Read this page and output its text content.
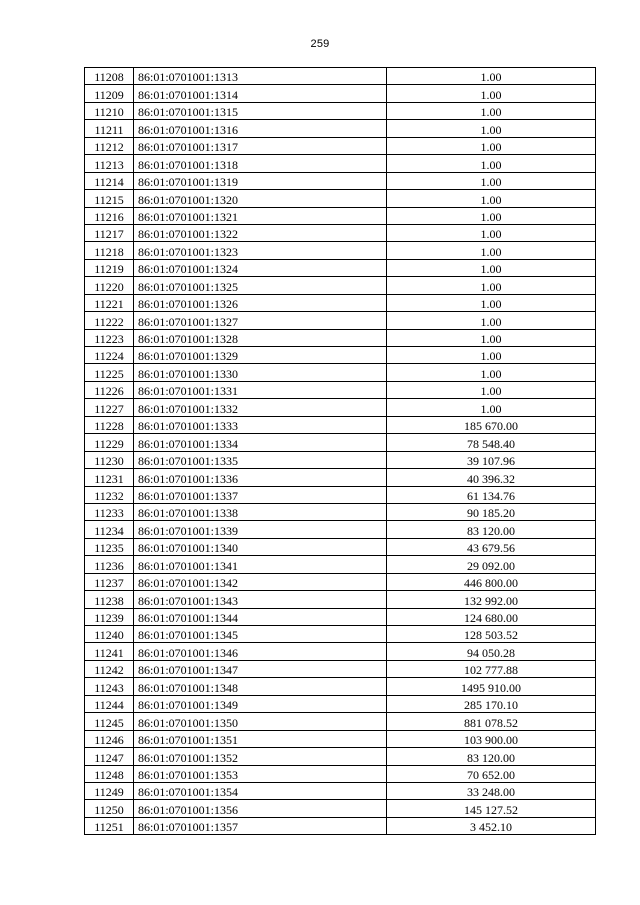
259
11208	86:01:0701001:1313	1.00
11209	86:01:0701001:1314	1.00
11210	86:01:0701001:1315	1.00
11211	86:01:0701001:1316	1.00
11212	86:01:0701001:1317	1.00
11213	86:01:0701001:1318	1.00
11214	86:01:0701001:1319	1.00
11215	86:01:0701001:1320	1.00
11216	86:01:0701001:1321	1.00
11217	86:01:0701001:1322	1.00
11218	86:01:0701001:1323	1.00
11219	86:01:0701001:1324	1.00
11220	86:01:0701001:1325	1.00
11221	86:01:0701001:1326	1.00
11222	86:01:0701001:1327	1.00
11223	86:01:0701001:1328	1.00
11224	86:01:0701001:1329	1.00
11225	86:01:0701001:1330	1.00
11226	86:01:0701001:1331	1.00
11227	86:01:0701001:1332	1.00
11228	86:01:0701001:1333	185 670.00
11229	86:01:0701001:1334	78 548.40
11230	86:01:0701001:1335	39 107.96
11231	86:01:0701001:1336	40 396.32
11232	86:01:0701001:1337	61 134.76
11233	86:01:0701001:1338	90 185.20
11234	86:01:0701001:1339	83 120.00
11235	86:01:0701001:1340	43 679.56
11236	86:01:0701001:1341	29 092.00
11237	86:01:0701001:1342	446 800.00
11238	86:01:0701001:1343	132 992.00
11239	86:01:0701001:1344	124 680.00
11240	86:01:0701001:1345	128 503.52
11241	86:01:0701001:1346	94 050.28
11242	86:01:0701001:1347	102 777.88
11243	86:01:0701001:1348	1495 910.00
11244	86:01:0701001:1349	285 170.10
11245	86:01:0701001:1350	881 078.52
11246	86:01:0701001:1351	103 900.00
11247	86:01:0701001:1352	83 120.00
11248	86:01:0701001:1353	70 652.00
11249	86:01:0701001:1354	33 248.00
11250	86:01:0701001:1356	145 127.52
11251	86:01:0701001:1357	3 452.10
